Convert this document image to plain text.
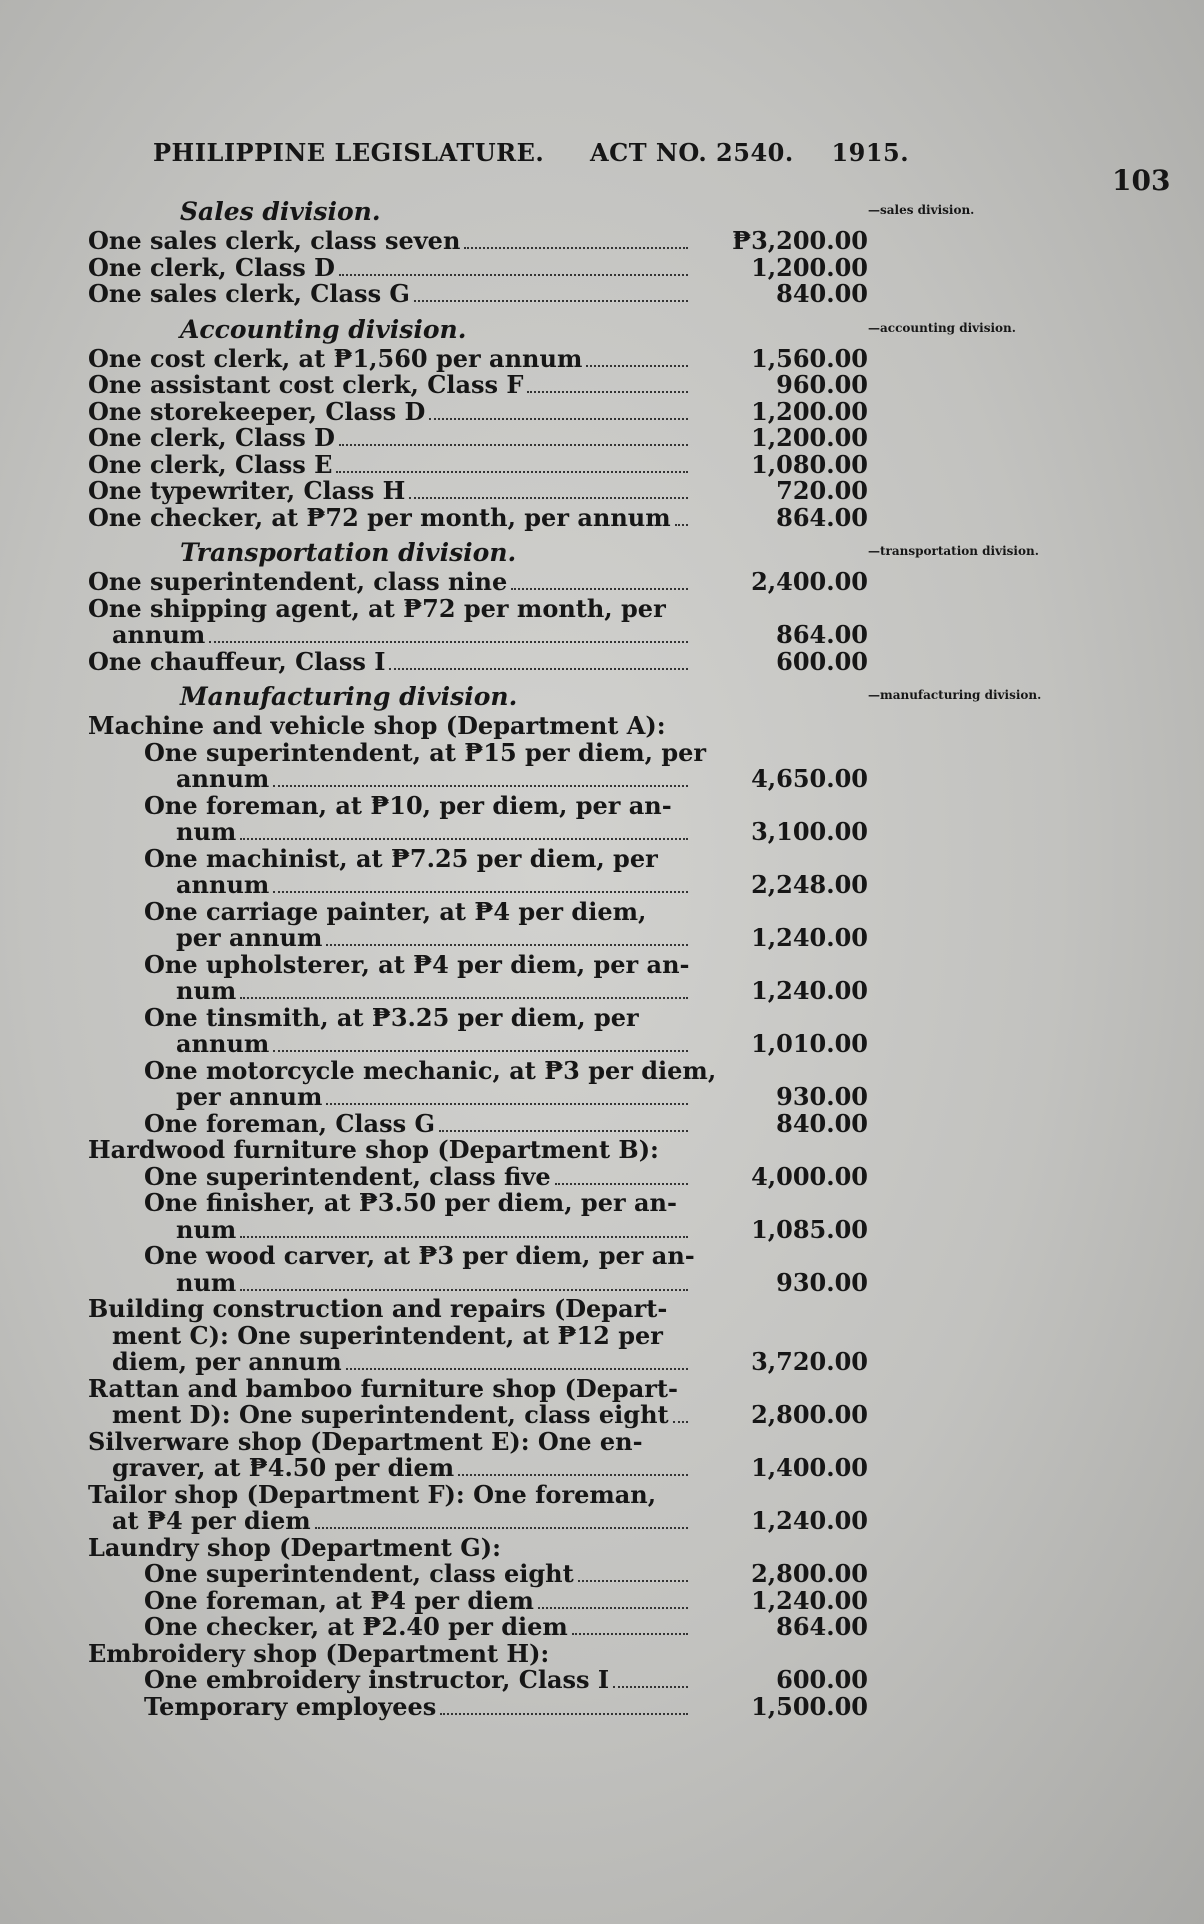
PHILIPPINE LEGISLATURE. ACT NO. 2540. 1915.
103
Sales division.
One sales clerk, class seven	₱3,200.00
One clerk, Class D	1,200.00
One sales clerk, Class G	840.00
Accounting division.
One cost clerk, at ₱1,560 per annum	1,560.00
One assistant cost clerk, Class F	960.00
One storekeeper, Class D	1,200.00
One clerk, Class D	1,200.00
One clerk, Class E	1,080.00
One typewriter, Class H	720.00
One checker, at ₱72 per month, per annum	864.00
Transportation division.
One superintendent, class nine	2,400.00
One shipping agent, at ₱72 per month, per
annum	864.00
One chauffeur, Class I	600.00
Manufacturing division.
Machine and vehicle shop (Department A):
One superintendent, at ₱15 per diem, per
annum	4,650.00
One foreman, at ₱10, per diem, per an-
num	3,100.00
One machinist, at ₱7.25 per diem, per
annum	2,248.00
One carriage painter, at ₱4 per diem,
per annum	1,240.00
One upholsterer, at ₱4 per diem, per an-
num	1,240.00
One tinsmith, at ₱3.25 per diem, per
annum	1,010.00
One motorcycle mechanic, at ₱3 per diem,
per annum	930.00
One foreman, Class G	840.00
Hardwood furniture shop (Department B):
One superintendent, class five	4,000.00
One finisher, at ₱3.50 per diem, per an-
num	1,085.00
One wood carver, at ₱3 per diem, per an-
num	930.00
Building construction and repairs (Depart-
ment C): One superintendent, at ₱12 per
diem, per annum	3,720.00
Rattan and bamboo furniture shop (Depart-
ment D): One superintendent, class eight	2,800.00
Silverware shop (Department E): One en-
graver, at ₱4.50 per diem	1,400.00
Tailor shop (Department F): One foreman,
at ₱4 per diem	1,240.00
Laundry shop (Department G):
One superintendent, class eight	2,800.00
One foreman, at ₱4 per diem	1,240.00
One checker, at ₱2.40 per diem	864.00
Embroidery shop (Department H):
One embroidery instructor, Class I	600.00
Temporary employees	1,500.00
—sales division.
—accounting division.
—transportation division.
—manufacturing division.
